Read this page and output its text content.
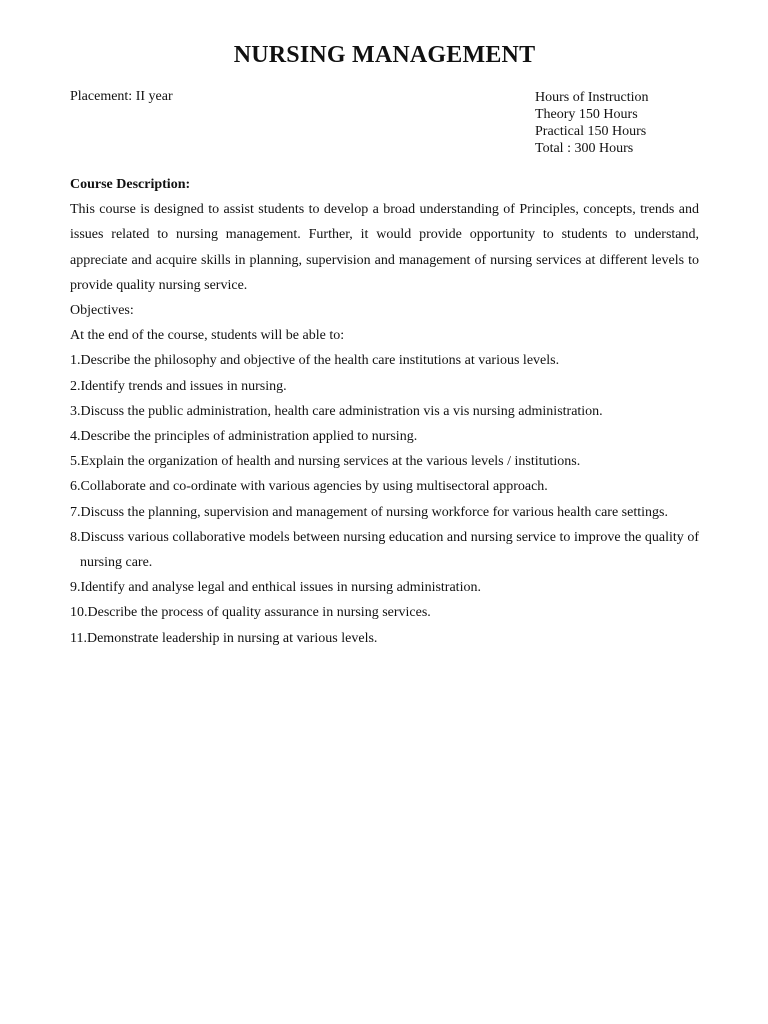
NURSING MANAGEMENT

Placement: II year	Hours of Instruction
Theory 150 Hours
Practical 150 Hours
Total : 300 Hours

Course Description:

This course is designed to assist students to develop a broad understanding of Principles, concepts, trends and issues related to nursing management. Further, it would provide opportunity to students to understand, appreciate and acquire skills in planning, supervision and management of nursing services at different levels to provide quality nursing service.

Objectives:

At the end of the course, students will be able to:

1.Describe the philosophy and objective of the health care institutions at various levels.
2.Identify trends and issues in nursing.
3.Discuss the public administration, health care administration vis a vis nursing administration.
4.Describe the principles of administration applied to nursing.
5.Explain the organization of health and nursing services at the various levels / institutions.
6.Collaborate and co-ordinate with various agencies by using multisectoral approach.
7.Discuss the planning, supervision and management of nursing workforce for various health care settings.
8.Discuss various collaborative models between nursing education and nursing service to improve the quality of nursing care.
9.Identify and analyse legal and enthical issues in nursing administration.
10.Describe the process of quality assurance in nursing services.
11.Demonstrate leadership in nursing at various levels.
